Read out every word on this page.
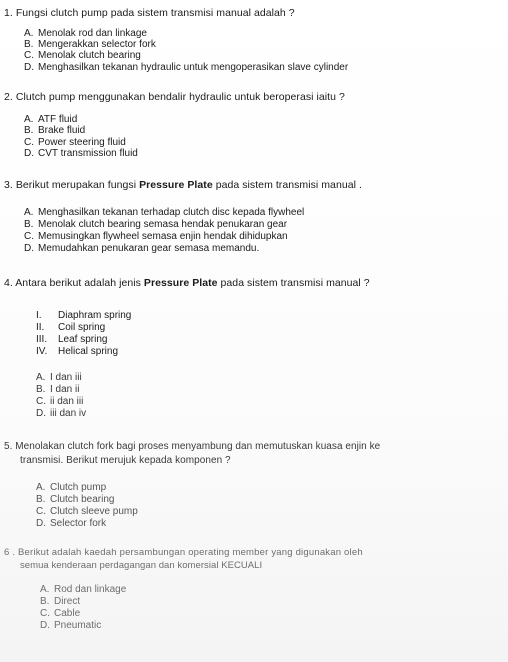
1. Fungsi clutch pump pada sistem transmisi manual adalah ?
A. Menolak rod dan linkage
B. Mengerakkan selector fork
C. Menolak clutch bearing
D. Menghasilkan tekanan hydraulic untuk mengoperasikan slave cylinder
2. Clutch pump menggunakan bendalir hydraulic untuk beroperasi iaitu ?
A. ATF fluid
B. Brake fluid
C. Power steering fluid
D. CVT transmission fluid
3. Berikut merupakan fungsi Pressure Plate pada sistem transmisi manual .
A. Menghasilkan tekanan terhadap clutch disc kepada flywheel
B. Menolak clutch bearing semasa hendak penukaran gear
C. Memusingkan flywheel semasa enjin hendak dihidupkan
D. Memudahkan penukaran gear semasa memandu.
4. Antara berikut adalah jenis Pressure Plate pada sistem transmisi manual ?
I. Diaphram spring
II. Coil spring
III. Leaf spring
IV. Helical spring
A. I dan iii
B. I dan ii
C. ii dan iii
D. iii dan iv
5. Menolakan clutch fork bagi proses menyambung dan memutuskan kuasa enjin ke
transmisi. Berikut merujuk kepada komponen ?
A. Clutch pump
B. Clutch bearing
C. Clutch sleeve pump
D. Selector fork
6 . Berikut adalah kaedah persambungan operating member yang digunakan oleh
semua kenderaan perdagangan dan komersial KECUALI
A. Rod dan linkage
B. Direct
C. Cable
D. Pneumatic
